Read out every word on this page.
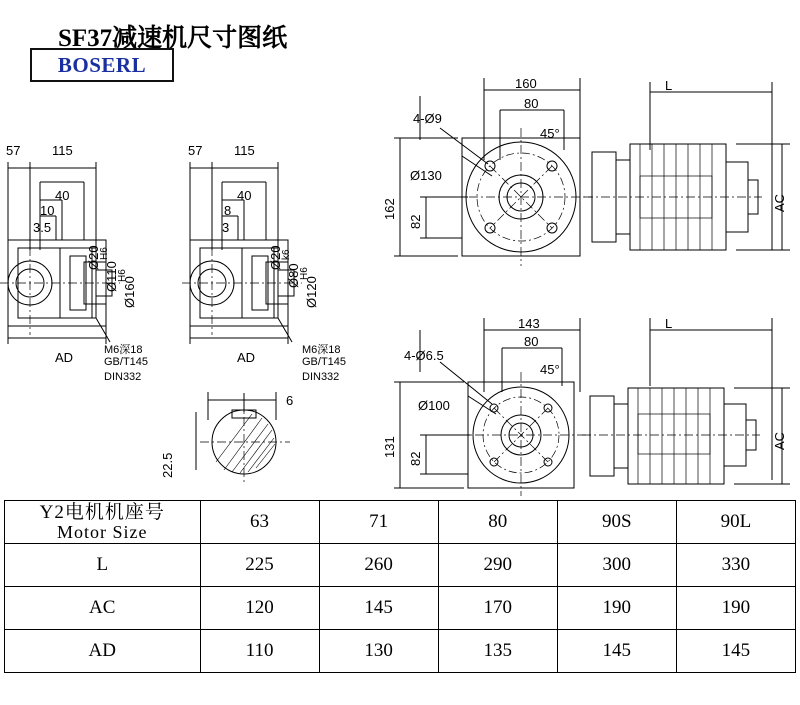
SF37减速机尺寸图纸
BOSERL
57 115
40
10
3.5
Ø20
H6
Ø110
H6
Ø160
AD	M6深18
GB/T145
DIN332
57 115
40
8
3
Ø20
k6
Ø80
H6
Ø120
AD	M6深18
GB/T145
DIN332
6
22.5
160
80
L
4-Ø9
45°
Ø130
162
82
AC
143
80
L
4-Ø6.5
45°
Ø100
131
82
AC
Y2电机机座号
Motor Size	63	71	80	90S	90L
L	225	260	290	300	330
AC	120	145	170	190	190
AD	110	130	135	145	145
